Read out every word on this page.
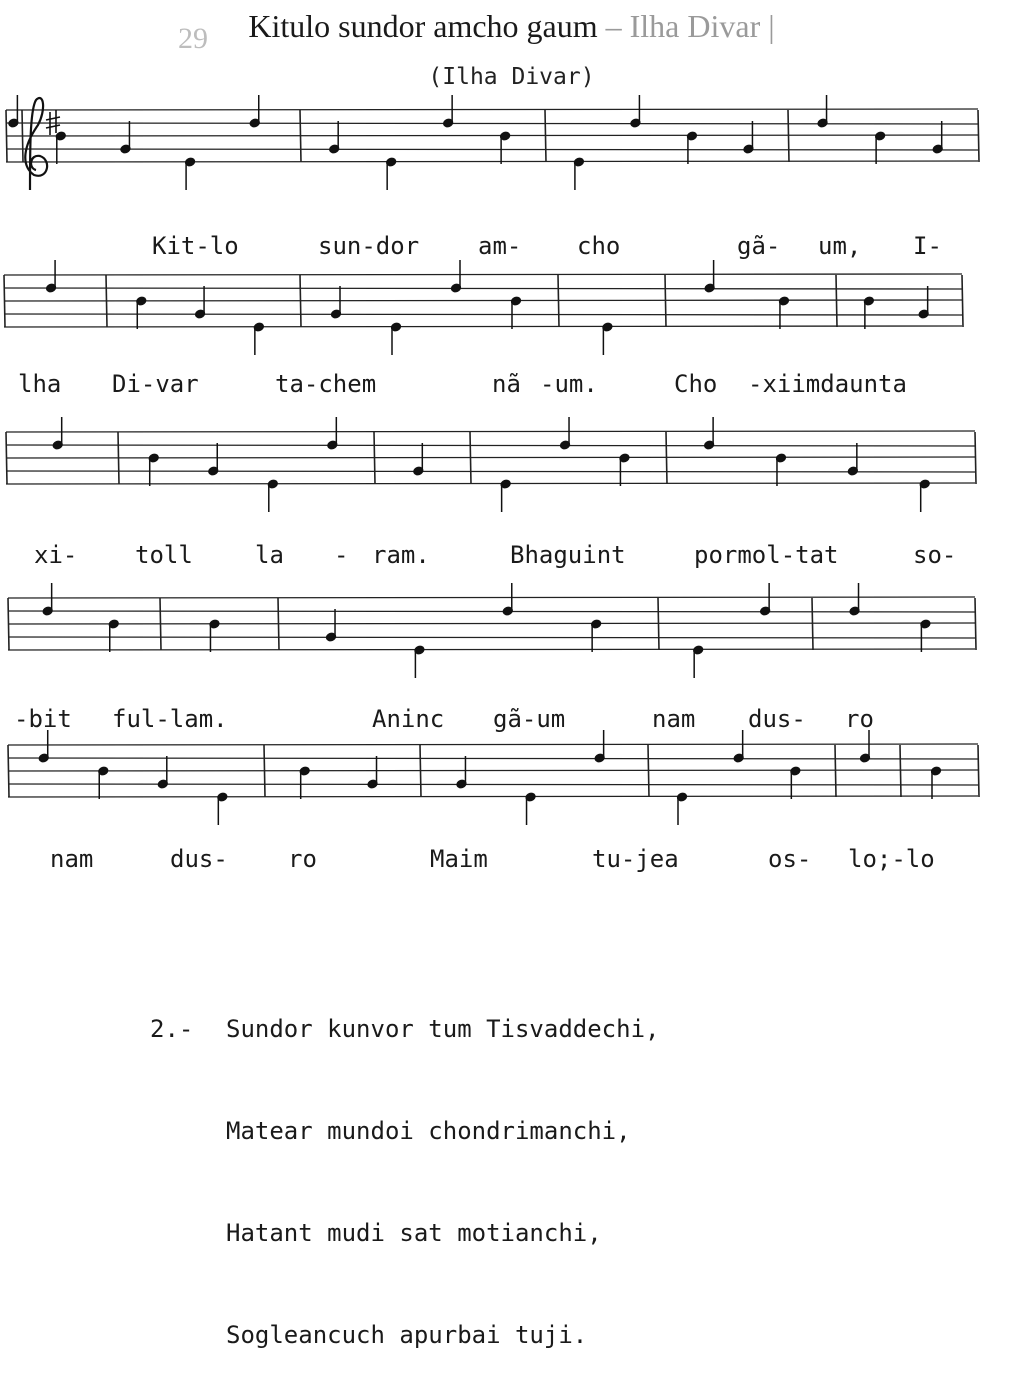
29	Kitulo sundor amcho gaum – Ilha Divar |
(Ilha Divar)
Kit-lo	sun-dor am- cho	gã- um, I-
lha Di-var	ta-chem	nã -um.	Cho -xiimdaunta
xi- toll	la - ram.	Bhaguint	pormol-tat	so-
-bit ful-lam.	Aninc gã-um	nam dus- ro
nam	dus-	ro	Maim	tu-jea	os- lo;-lo

2.- Sundor kunvor tum Tisvaddechi,

Matear mundoi chondrimanchi,

Hatant mudi sat motianchi,

Sogleancuch apurbai tuji.
